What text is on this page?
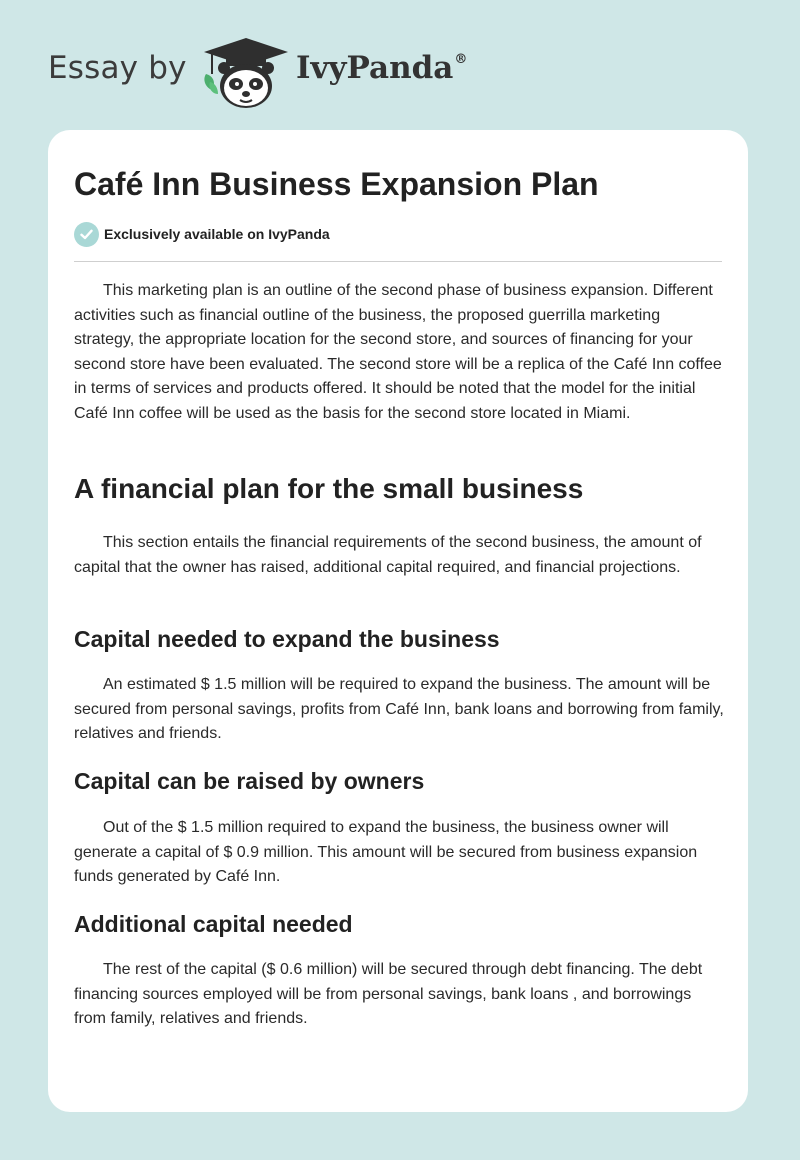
Essay by	IvyPanda®
Café Inn Business Expansion Plan
Exclusively available on IvyPanda

This marketing plan is an outline of the second phase of business expansion. Different activities such as financial outline of the business, the proposed guerrilla marketing strategy, the appropriate location for the second store, and sources of financing for your second store have been evaluated. The second store will be a replica of the Café Inn coffee in terms of services and products offered. It should be noted that the model for the initial Café Inn coffee will be used as the basis for the second store located in Miami.

A financial plan for the small business

This section entails the financial requirements of the second business, the amount of capital that the owner has raised, additional capital required, and financial projections.

Capital needed to expand the business

An estimated $ 1.5 million will be required to expand the business. The amount will be secured from personal savings, profits from Café Inn, bank loans and borrowing from family, relatives and friends.

Capital can be raised by owners

Out of the $ 1.5 million required to expand the business, the business owner will generate a capital of $ 0.9 million. This amount will be secured from business expansion funds generated by Café Inn.

Additional capital needed

The rest of the capital ($ 0.6 million) will be secured through debt financing. The debt financing sources employed will be from personal savings, bank loans , and borrowings from family, relatives and friends.
